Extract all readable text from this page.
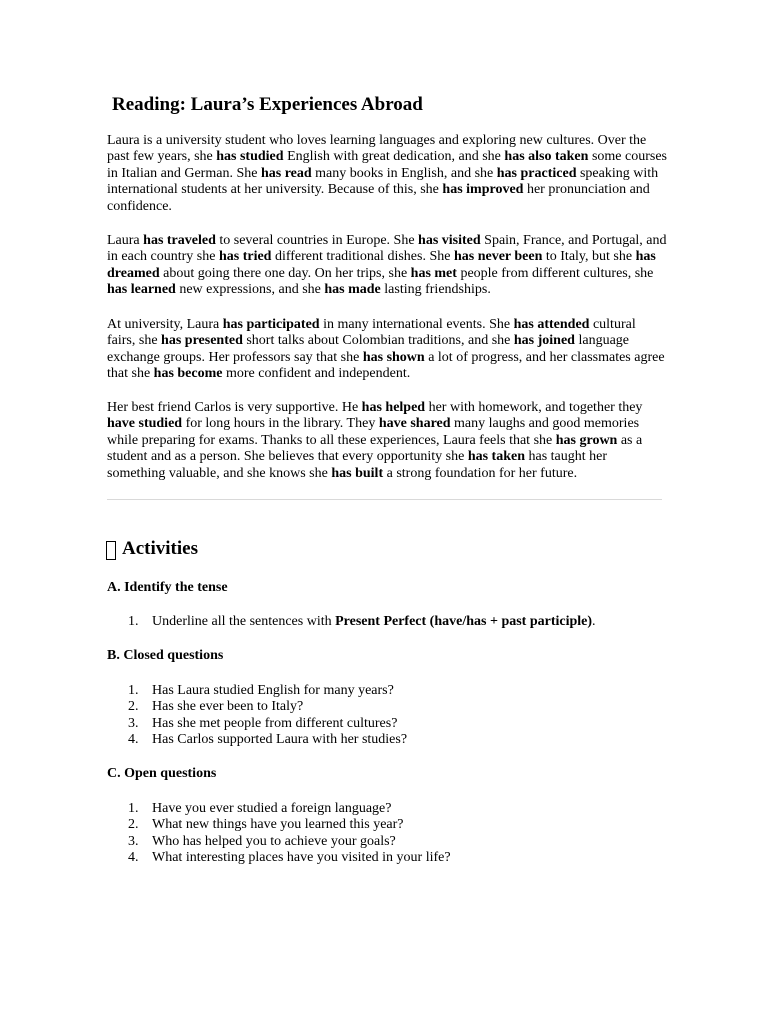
Reading: Laura’s Experiences Abroad

Laura is a university student who loves learning languages and exploring new cultures. Over the past few years, she has studied English with great dedication, and she has also taken some courses in Italian and German. She has read many books in English, and she has practiced speaking with international students at her university. Because of this, she has improved her pronunciation and confidence.

Laura has traveled to several countries in Europe. She has visited Spain, France, and Portugal, and in each country she has tried different traditional dishes. She has never been to Italy, but she has dreamed about going there one day. On her trips, she has met people from different cultures, she has learned new expressions, and she has made lasting friendships.

At university, Laura has participated in many international events. She has attended cultural fairs, she has presented short talks about Colombian traditions, and she has joined language exchange groups. Her professors say that she has shown a lot of progress, and her classmates agree that she has become more confident and independent.

Her best friend Carlos is very supportive. He has helped her with homework, and together they have studied for long hours in the library. They have shared many laughs and good memories while preparing for exams. Thanks to all these experiences, Laura feels that she has grown as a student and as a person. She believes that every opportunity she has taken has taught her something valuable, and she knows she has built a strong foundation for her future.

Activities
A. Identify the tense
1. Underline all the sentences with Present Perfect (have/has + past participle).
B. Closed questions
1. Has Laura studied English for many years?
2. Has she ever been to Italy?
3. Has she met people from different cultures?
4. Has Carlos supported Laura with her studies?
C. Open questions
1. Have you ever studied a foreign language?
2. What new things have you learned this year?
3. Who has helped you to achieve your goals?
4. What interesting places have you visited in your life?
